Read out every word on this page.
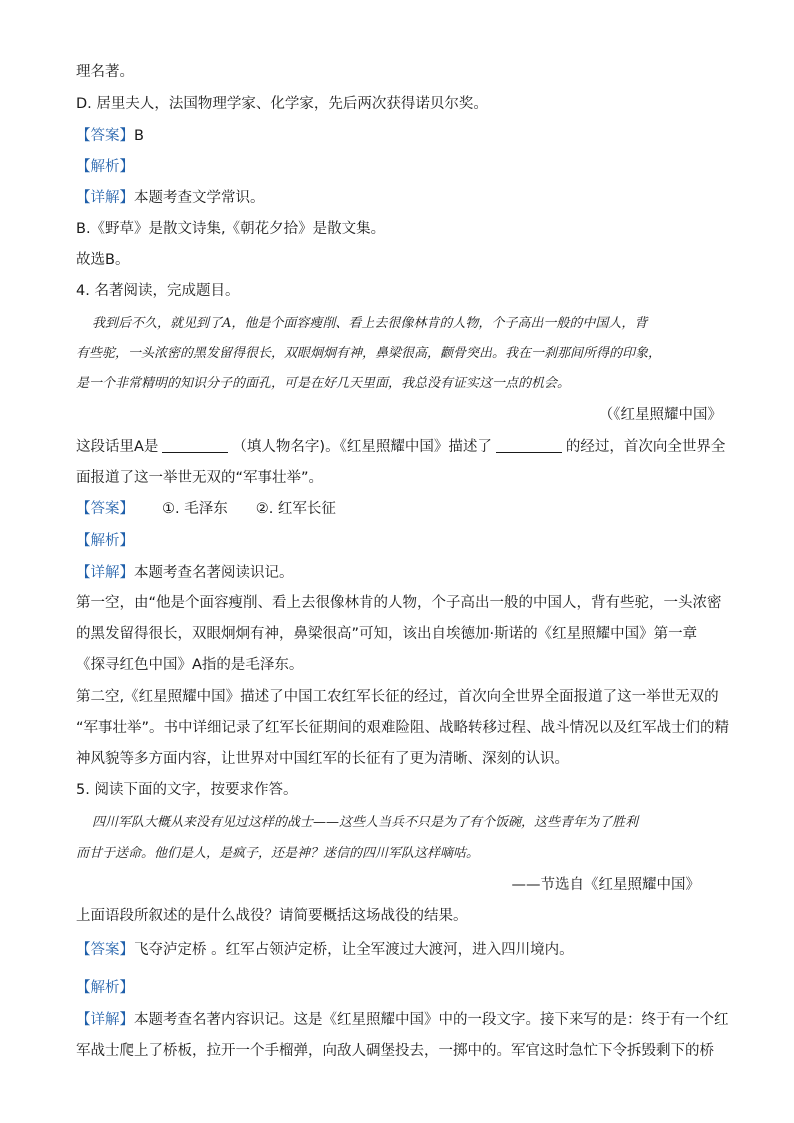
理名著。
D. 居里夫人，法国物理学家、化学家，先后两次获得诺贝尔奖。
【答案】B
【解析】
【详解】本题考查文学常识。
B.《野草》是散文诗集,《朝花夕拾》是散文集。
故选B。
4. 名著阅读，完成题目。
我到后不久，就见到了A，他是个面容瘦削、看上去很像林肯的人物，个子高出一般的中国人，背
有些驼，一头浓密的黑发留得很长，双眼炯炯有神，鼻梁很高，颧骨突出。我在一刹那间所得的印象，
是一个非常精明的知识分子的面孔，可是在好几天里面，我总没有证实这一点的机会。
（《红星照耀中国》
这段话里A是	（填人物名字)。《红星照耀中国》描述了	的经过，首次向全世界全
面报道了这一举世无双的“军事壮举”。
【答案】 ①. 毛泽东 ②. 红军长征
【解析】
【详解】本题考查名著阅读识记。
第一空，由“他是个面容瘦削、看上去很像林肯的人物，个子高出一般的中国人，背有些驼，一头浓密
的黑发留得很长，双眼炯炯有神，鼻梁很高”可知，该出自埃德加·斯诺的《红星照耀中国》第一章
《探寻红色中国》A指的是毛泽东。
第二空,《红星照耀中国》描述了中国工农红军长征的经过，首次向全世界全面报道了这一举世无双的
“军事壮举”。书中详细记录了红军长征期间的艰难险阻、战略转移过程、战斗情况以及红军战士们的精
神风貌等多方面内容，让世界对中国红军的长征有了更为清晰、深刻的认识。
5. 阅读下面的文字，按要求作答。
四川军队大概从来没有见过这样的战士——这些人当兵不只是为了有个饭碗，这些青年为了胜利
而甘于送命。他们是人，是疯子，还是神？迷信的四川军队这样嘀咕。
——节选自《红星照耀中国》
上面语段所叙述的是什么战役？请简要概括这场战役的结果。
【答案】飞夺泸定桥 。红军占领泸定桥，让全军渡过大渡河，进入四川境内。
【解析】
【详解】本题考查名著内容识记。这是《红星照耀中国》中的一段文字。接下来写的是：终于有一个红
军战士爬上了桥板，拉开一个手榴弹，向敌人碉堡投去，一掷中的。军官这时急忙下令拆毁剩下的桥
